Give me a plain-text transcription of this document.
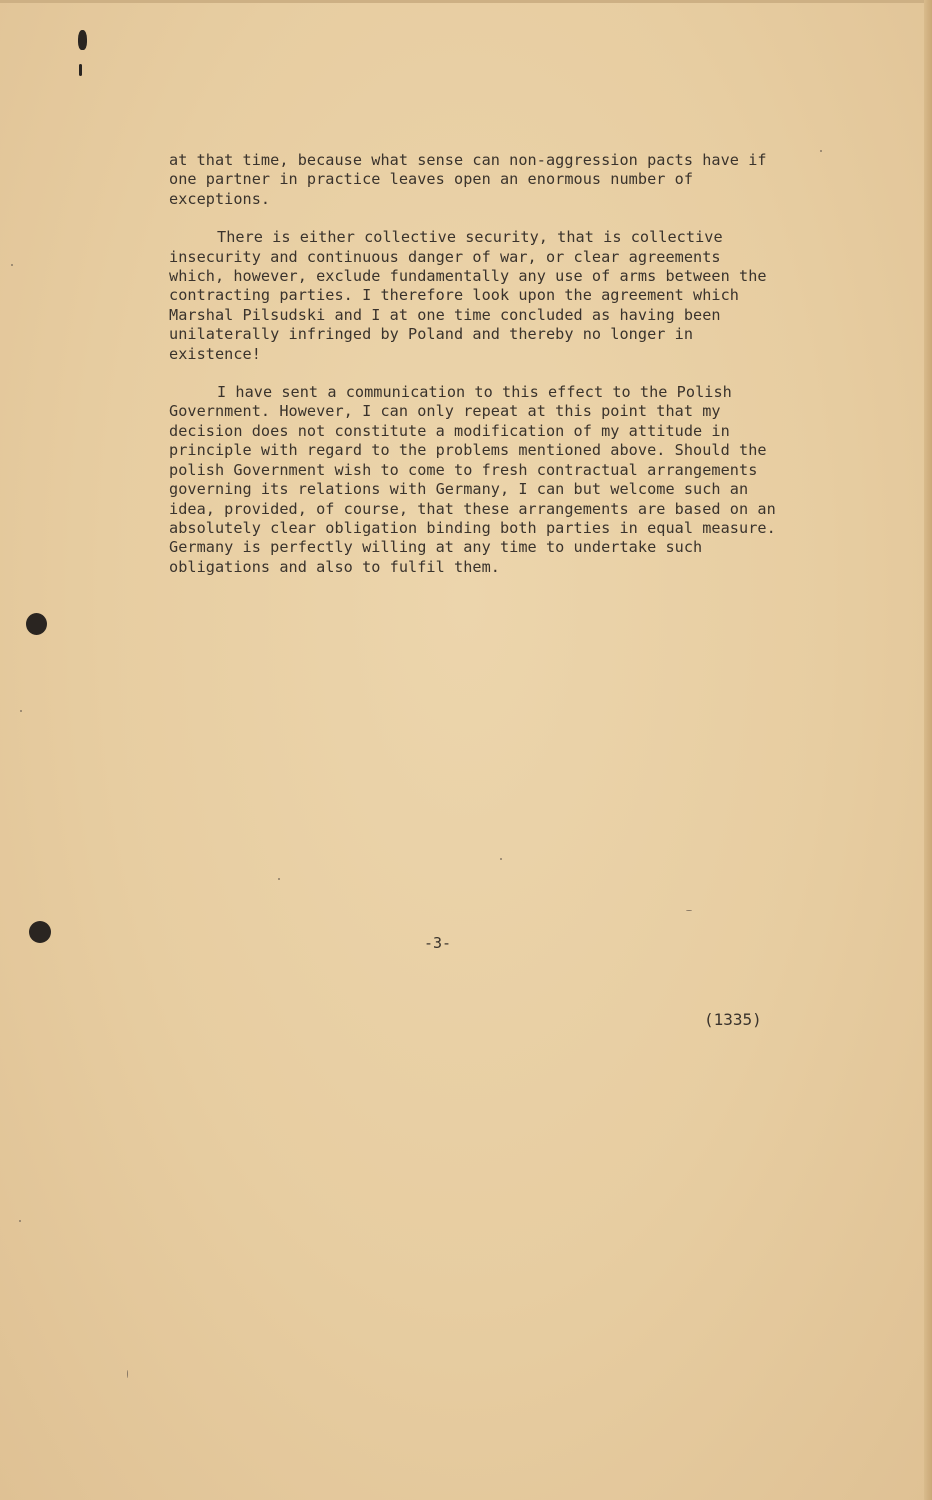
at that time, because what sense can non-aggression pacts have if one partner in practice leaves open an enormous number of exceptions.

There is either collective security, that is collective insecurity and continuous danger of war, or clear agreements which, however, exclude fundamentally any use of arms between the contracting parties. I therefore look upon the agreement which Marshal Pilsudski and I at one time concluded as having been unilaterally infringed by Poland and thereby no longer in existence!

I have sent a communication to this effect to the Polish Government. However, I can only repeat at this point that my decision does not constitute a modification of my attitude in principle with regard to the problems mentioned above. Should the polish Government wish to come to fresh contractual arrangements governing its relations with Germany, I can but welcome such an idea, provided, of course, that these arrangements are based on an absolutely clear obligation binding both parties in equal measure. Germany is perfectly willing at any time to undertake such obligations and also to fulfil them.

-3-
(1335)
